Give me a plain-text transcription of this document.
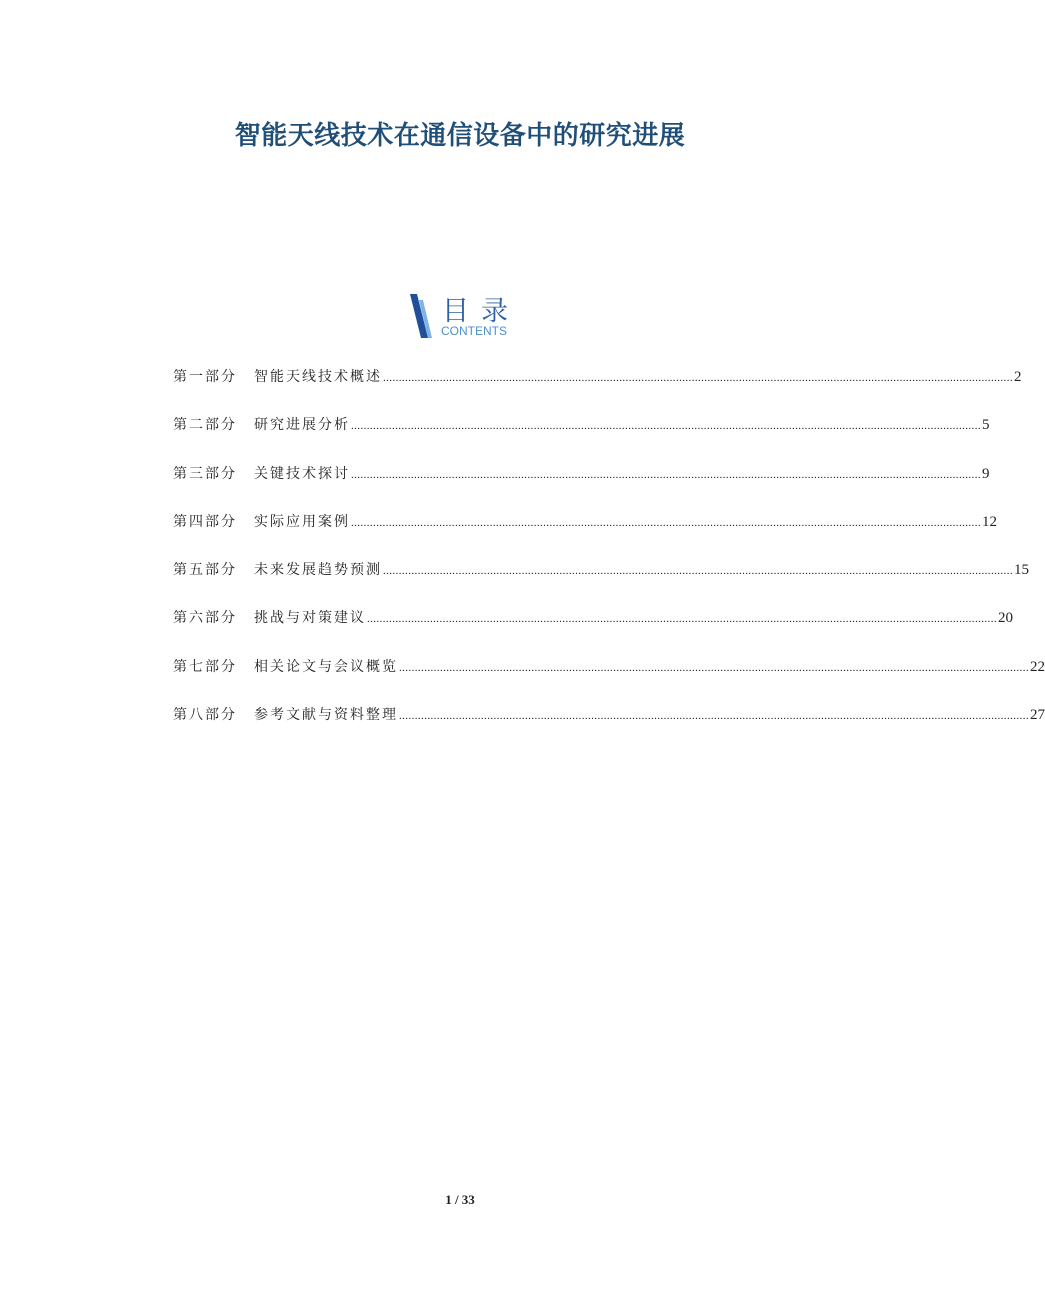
智能天线技术在通信设备中的研究进展
目录
CONTENTS
第一部分	智能天线技术概述 ........................................................................................................................................................................................................ 2
第二部分	研究进展分析 ........................................................................................................................................................................................................ 5
第三部分	关键技术探讨 ........................................................................................................................................................................................................ 9
第四部分	实际应用案例 ........................................................................................................................................................................................................ 12
第五部分	未来发展趋势预测 ........................................................................................................................................................................................................ 15
第六部分	挑战与对策建议 ........................................................................................................................................................................................................ 20
第七部分	相关论文与会议概览 ........................................................................................................................................................................................................ 22
第八部分	参考文献与资料整理 ........................................................................................................................................................................................................ 27
1 / 33
